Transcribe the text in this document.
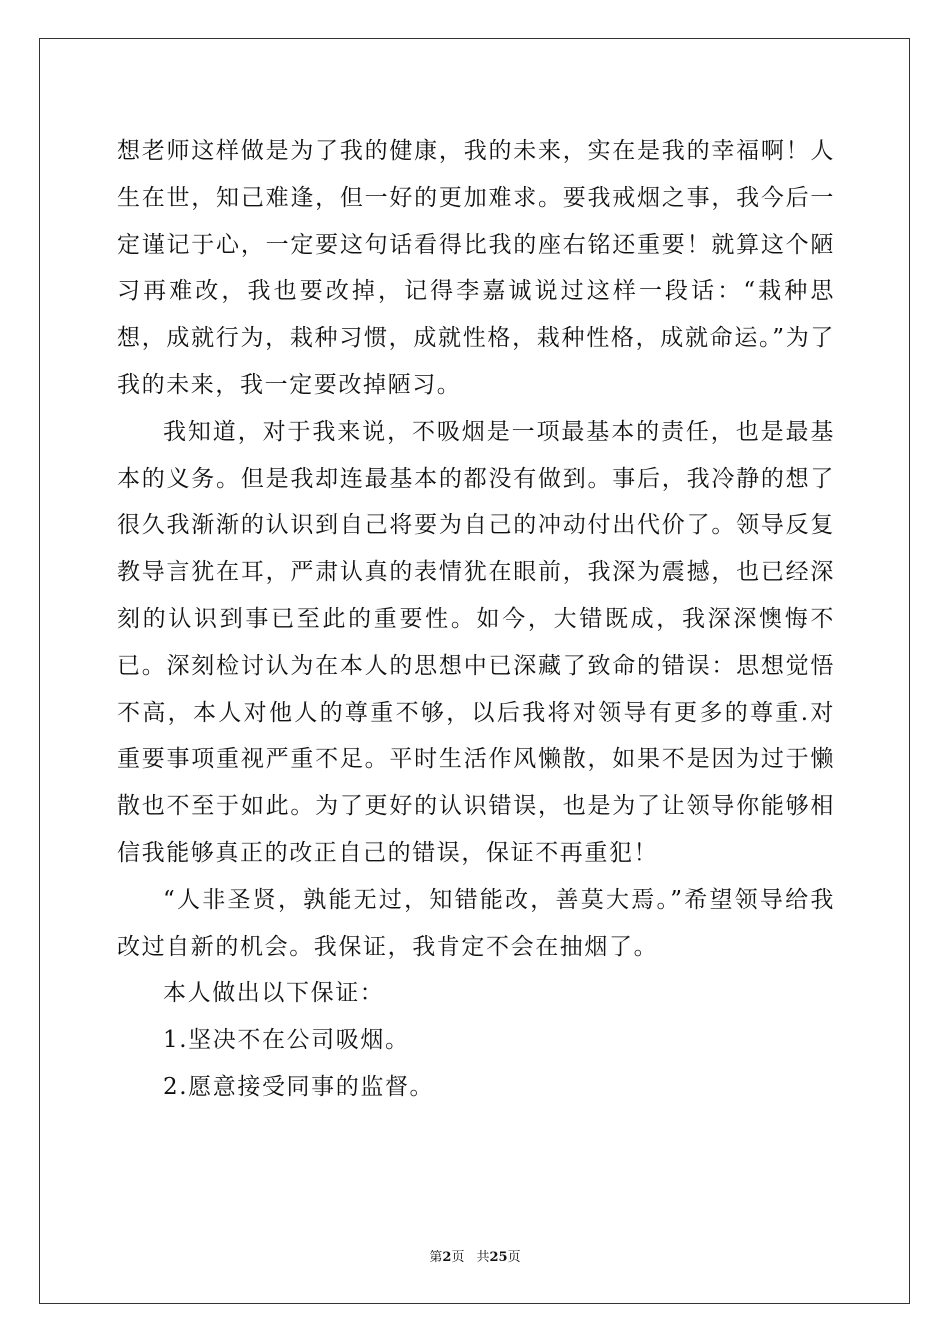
想老师这样做是为了我的健康，我的未来，实在是我的幸福啊！人生在世，知己难逢，但一好的更加难求。要我戒烟之事，我今后一定谨记于心，一定要这句话看得比我的座右铭还重要！就算这个陋习再难改，我也要改掉，记得李嘉诚说过这样一段话：“栽种思想，成就行为，栽种习惯，成就性格，栽种性格，成就命运。”为了我的未来，我一定要改掉陋习。

我知道，对于我来说，不吸烟是一项最基本的责任，也是最基本的义务。但是我却连最基本的都没有做到。事后，我冷静的想了很久我渐渐的认识到自己将要为自己的冲动付出代价了。领导反复教导言犹在耳，严肃认真的表情犹在眼前，我深为震撼，也已经深刻的认识到事已至此的重要性。如今，大错既成，我深深懊悔不已。深刻检讨认为在本人的思想中已深藏了致命的错误：思想觉悟不高，本人对他人的尊重不够，以后我将对领导有更多的尊重.对重要事项重视严重不足。平时生活作风懒散，如果不是因为过于懒散也不至于如此。为了更好的认识错误，也是为了让领导你能够相信我能够真正的改正自己的错误，保证不再重犯！

“人非圣贤，孰能无过，知错能改，善莫大焉。”希望领导给我改过自新的机会。我保证，我肯定不会在抽烟了。

本人做出以下保证：

1.坚决不在公司吸烟。

2.愿意接受同事的监督。

第2页 共25页
